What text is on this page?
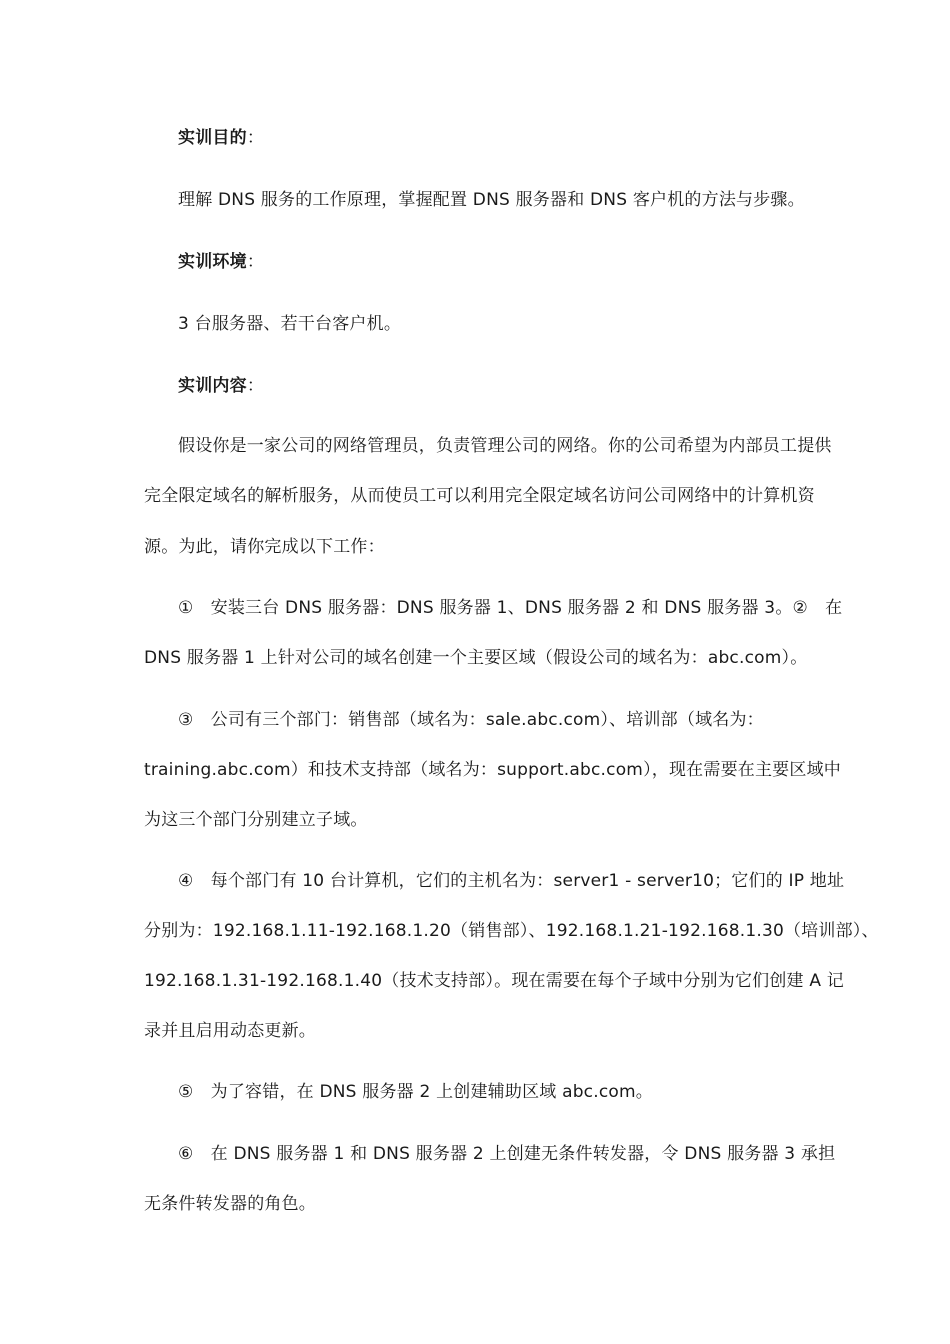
实训目的：
理解 DNS 服务的工作原理，掌握配置 DNS 服务器和 DNS 客户机的方法与步骤。
实训环境：
3 台服务器、若干台客户机。
实训内容：
假设你是一家公司的网络管理员，负责管理公司的网络。你的公司希望为内部员工提供
完全限定域名的解析服务，从而使员工可以利用完全限定域名访问公司网络中的计算机资
源。为此，请你完成以下工作：
①　安装三台 DNS 服务器：DNS 服务器 1、DNS 服务器 2 和 DNS 服务器 3。②　在
DNS 服务器 1 上针对公司的域名创建一个主要区域（假设公司的域名为：abc.com）。
③　公司有三个部门：销售部（域名为：sale.abc.com）、培训部（域名为：
training.abc.com）和技术支持部（域名为：support.abc.com），现在需要在主要区域中
为这三个部门分别建立子域。
④　每个部门有 10 台计算机，它们的主机名为：server1 - server10；它们的 IP 地址
分别为：192.168.1.11-192.168.1.20（销售部）、192.168.1.21-192.168.1.30（培训部）、
192.168.1.31-192.168.1.40（技术支持部）。现在需要在每个子域中分别为它们创建 A 记
录并且启用动态更新。
⑤　为了容错，在 DNS 服务器 2 上创建辅助区域 abc.com。
⑥　在 DNS 服务器 1 和 DNS 服务器 2 上创建无条件转发器，令 DNS 服务器 3 承担
无条件转发器的角色。
